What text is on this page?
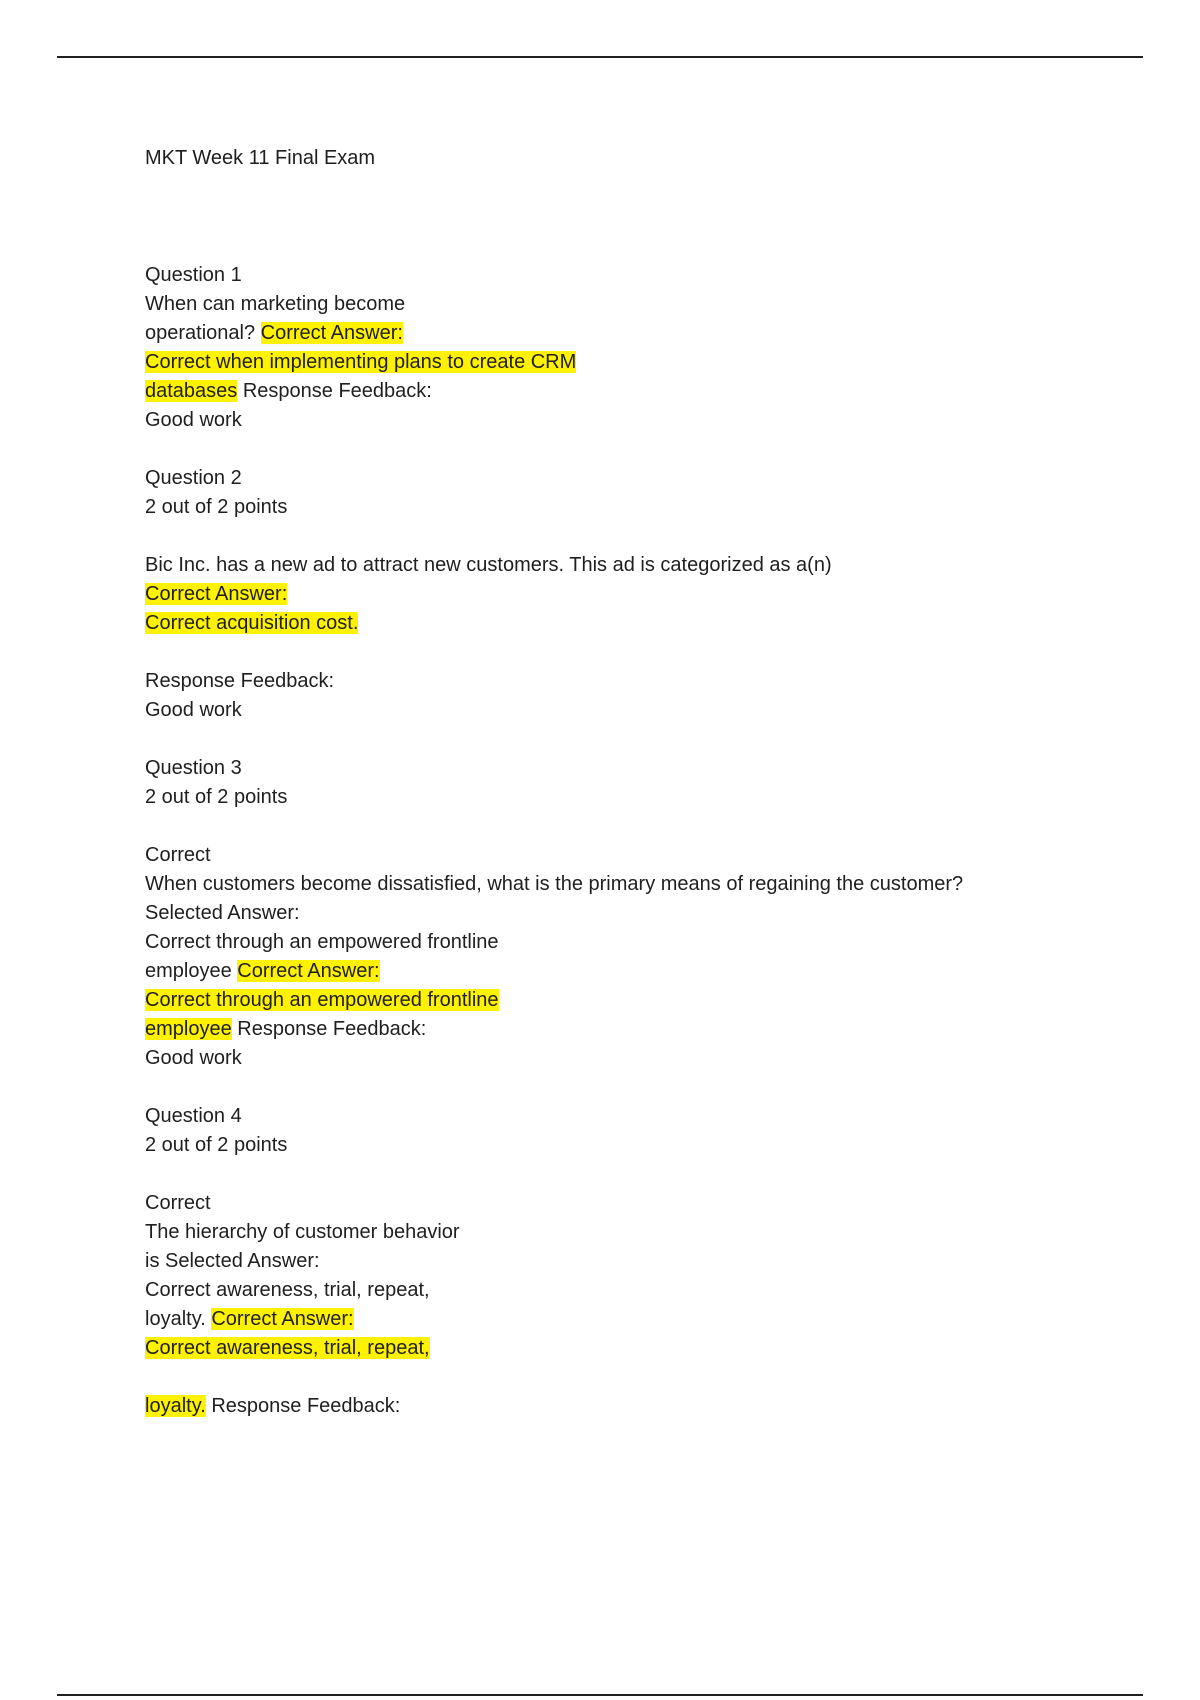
MKT Week 11 Final Exam
Question 1
When can marketing become
operational? Correct Answer:
Correct when implementing plans to create CRM
databases Response Feedback:
Good work
Question 2
2 out of 2 points
Bic Inc. has a new ad to attract new customers. This ad is categorized as a(n)
Correct Answer:
Correct acquisition cost.
Response Feedback:
Good work
Question 3
2 out of 2 points
Correct
When customers become dissatisfied, what is the primary means of regaining the customer?
Selected Answer:
Correct through an empowered frontline
employee Correct Answer:
Correct through an empowered frontline
employee Response Feedback:
Good work
Question 4
2 out of 2 points
Correct
The hierarchy of customer behavior
is Selected Answer:
Correct awareness, trial, repeat,
loyalty. Correct Answer:
Correct awareness, trial, repeat,
loyalty. Response Feedback:
